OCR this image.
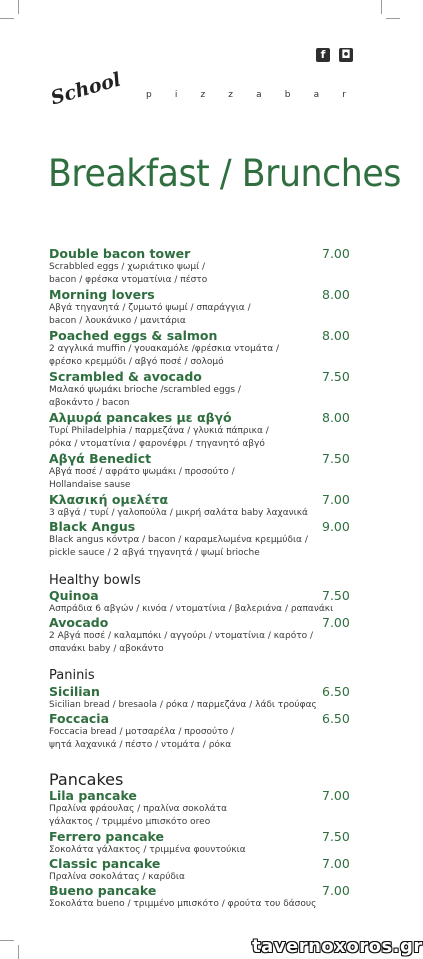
f	◘
School	p	i	z	z	a	b	a	r
Breakfast / Brunches
Double bacon tower	7.00
Scrabbled eggs / χωριάτικο ψωμί /
bacon / φρέσκα ντοματίνια / πέστο
Morning lovers	8.00
Αβγά τηγανητά / ζυμωτό ψωμί / σπαράγγια /
bacon / λουκάνικο / μανιτάρια
Poached eggs & salmon	8.00
2 αγγλικά muffin / γουακαμόλε /φρέσκια ντομάτα /
φρέσκο κρεμμύδι / αβγό ποσέ / σολομό
Scrambled & avocado	7.50
Μαλακό ψωμάκι brioche /scrambled eggs /
αβοκάντο / bacon
Αλμυρά pancakes με αβγό	8.00
Τυρί Philadelphia / παρμεζάνα / γλυκιά πάπρικα /
ρόκα / ντοματίνια / φαρονέφρι / τηγανητό αβγό
Αβγά Benedict	7.50
Αβγά ποσέ / αφράτο ψωμάκι / προσούτο /
Hollandaise sause
Κλασική ομελέτα	7.00
3 αβγά / τυρί / γαλοπούλα / μικρή σαλάτα baby λαχανικά
Black Angus	9.00
Black angus κόντρα / bacon / καραμελωμένα κρεμμύδια /
pickle sauce / 2 αβγά τηγανητά / ψωμί brioche
Healthy bowls
Quinoa	7.50
Ασπράδια 6 αβγών / κινόα / ντοματίνια / βαλεριάνα / ραπανάκι
Avocado	7.00
2 Αβγά ποσέ / καλαμπόκι / αγγούρι / ντοματίνια / καρότο /
σπανάκι baby / αβοκάντο
Paninis
Sicilian	6.50
Sicilian bread / bresaola / ρόκα / παρμεζάνα / λάδι τρούφας
Foccacia	6.50
Foccacia bread / μοτσαρέλα / προσούτο /
ψητά λαχανικά / πέστο / ντομάτα / ρόκα
Pancakes
Lila pancake	7.00
Πραλίνα φράουλας / πραλίνα σοκολάτα
γάλακτος / τριμμένο μπισκότο oreo
Ferrero pancake	7.50
Σοκολάτα γάλακτος / τριμμένα φουντούκια
Classic pancake	7.00
Πραλίνα σοκολάτας / καρύδια
Bueno pancake	7.00
Σοκολάτα bueno / τριμμένο μπισκότο / φρούτα του δάσους
tavernoxoros.gr
